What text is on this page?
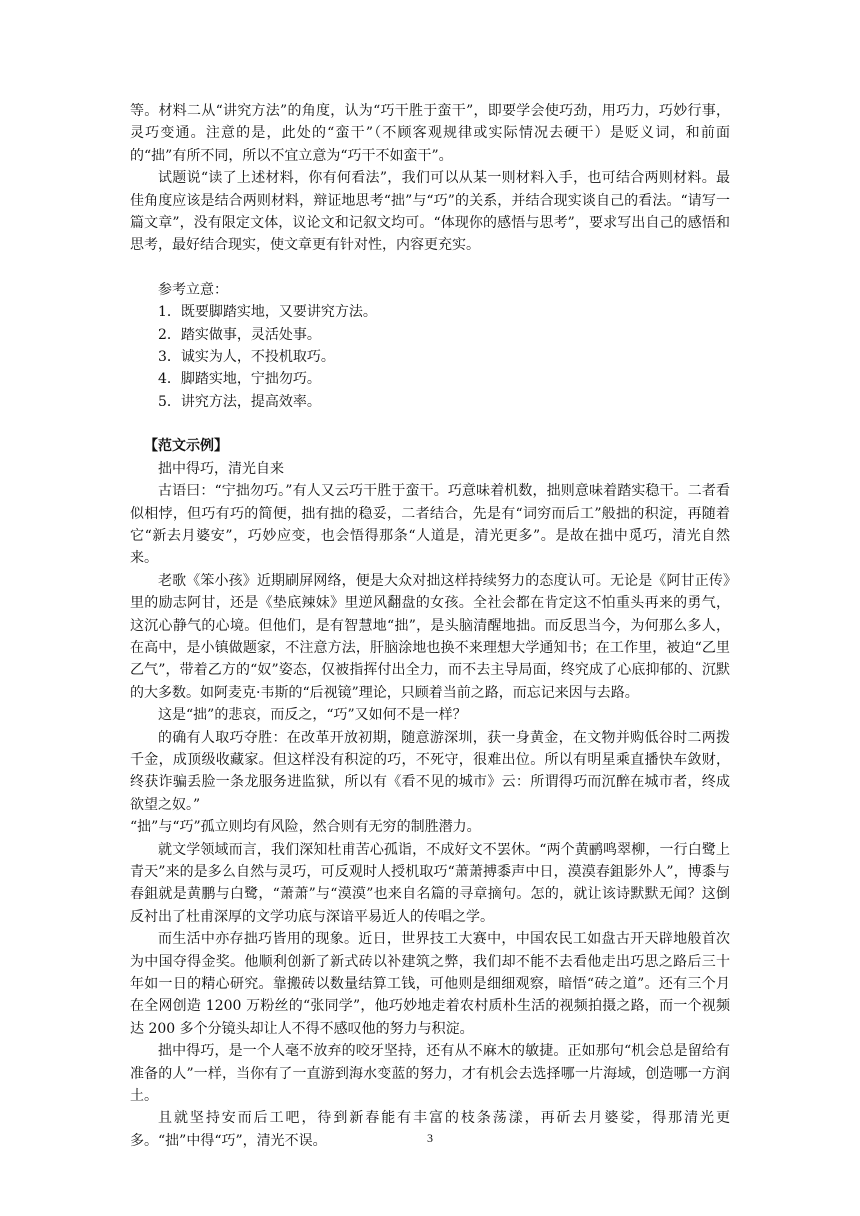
等。材料二从“讲究方法”的角度，认为“巧干胜于蛮干”，即要学会使巧劲，用巧力，巧妙行事，灵巧变通。注意的是，此处的“蛮干”（不顾客观规律或实际情况去硬干）是贬义词，和前面的“拙”有所不同，所以不宜立意为“巧干不如蛮干”。

试题说“读了上述材料，你有何看法”，我们可以从某一则材料入手，也可结合两则材料。最佳角度应该是结合两则材料，辩证地思考“拙”与“巧”的关系，并结合现实谈自己的看法。“请写一篇文章”，没有限定文体，议论文和记叙文均可。“体现你的感悟与思考”，要求写出自己的感悟和思考，最好结合现实，使文章更有针对性，内容更充实。

参考立意：

1．既要脚踏实地，又要讲究方法。
2．踏实做事，灵活处事。
3．诚实为人，不投机取巧。
4．脚踏实地，宁拙勿巧。
5．讲究方法，提高效率。

【范文示例】

拙中得巧，清光自来

古语曰：“宁拙勿巧。”有人又云巧干胜于蛮干。巧意味着机数，拙则意味着踏实稳干。二者看似相悖，但巧有巧的简便，拙有拙的稳妥，二者结合，先是有“词穷而后工”般拙的积淀，再随着它“新去月婆安”，巧妙应变，也会悟得那条“人道是，清光更多”。是故在拙中觅巧，清光自然来。

老歌《笨小孩》近期刷屏网络，便是大众对拙这样持续努力的态度认可。无论是《阿甘正传》里的励志阿甘，还是《垫底辣妹》里逆风翻盘的女孩。全社会都在肯定这不怕重头再来的勇气，这沉心静气的心境。但他们，是有智慧地“拙”，是头脑清醒地拙。而反思当今，为何那么多人，在高中，是小镇做题家，不注意方法，肝脑涂地也换不来理想大学通知书；在工作里，被迫“乙里乙气”，带着乙方的“奴”姿态，仅被指挥付出全力，而不去主导局面，终究成了心底抑郁的、沉默的大多数。如阿麦克·韦斯的“后视镜”理论，只顾着当前之路，而忘记来因与去路。

这是“拙”的悲哀，而反之，“巧”又如何不是一样？

的确有人取巧夺胜：在改革开放初期，随意游深圳，获一身黄金，在文物并购低谷时二两拨千金，成顶级收藏家。但这样没有积淀的巧，不死守，很难出位。所以有明星乘直播快车敛财，终获诈骗丢脸一条龙服务进监狱，所以有《看不见的城市》云：所谓得巧而沉醉在城市者，终成欲望之奴。”

“拙”与“巧”孤立则均有风险，然合则有无穷的制胜潜力。

就文学领域而言，我们深知杜甫苦心孤诣，不成好文不罢休。“两个黄鹂鸣翠柳，一行白鹭上青天”来的是多么自然与灵巧，可反观时人授机取巧“萧萧搏黍声中日，漠漠春鉏影外人”，博黍与春鉏就是黄鹏与白鹭，“萧萧”与“漠漠”也来自名篇的寻章摘句。怎的，就让该诗默默无闻？这倒反衬出了杜甫深厚的文学功底与深谙平易近人的传唱之学。

而生活中亦存拙巧皆用的现象。近日，世界技工大赛中，中国农民工如盘古开天辟地般首次为中国夺得金奖。他顺利创新了新式砖以补建筑之弊，我们却不能不去看他走出巧思之路后三十年如一日的精心研究。靠搬砖以数量结算工钱，可他则是细细观察，暗悟“砖之道”。还有三个月在全网创造 1200 万粉丝的“张同学”，他巧妙地走着农村质朴生活的视频拍摄之路，而一个视频达 200 多个分镜头却让人不得不感叹他的努力与积淀。

拙中得巧，是一个人毫不放弃的咬牙坚持，还有从不麻木的敏捷。正如那句“机会总是留给有准备的人”一样，当你有了一直游到海水变蓝的努力，才有机会去选择哪一片海域，创造哪一方润土。

且就坚持安而后工吧，待到新春能有丰富的枝条荡漾，再斫去月婆娑，得那清光更多。“拙”中得“巧”，清光不误。	3
